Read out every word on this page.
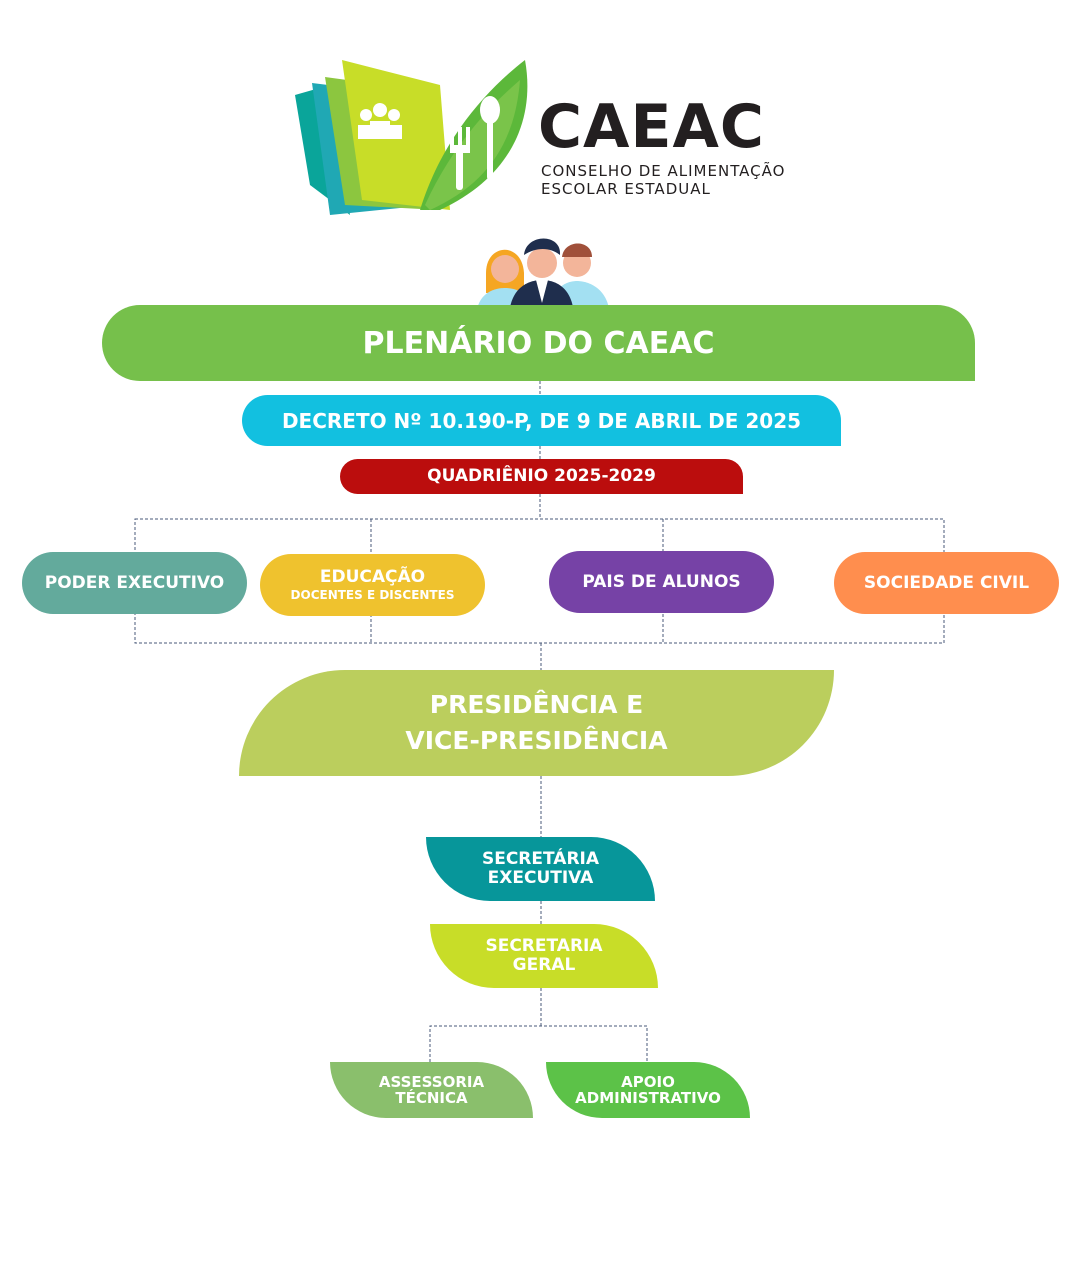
CAEAC
CONSELHO DE ALIMENTAÇÃO
ESCOLAR ESTADUAL
PLENÁRIO DO CAEAC
DECRETO Nº 10.190-P, DE 9 DE ABRIL DE 2025
QUADRIÊNIO 2025-2029
PODER EXECUTIVO	EDUCAÇÃO
DOCENTES E DISCENTES
PAIS DE ALUNOS	SOCIEDADE CIVIL
PRESIDÊNCIA E
VICE-PRESIDÊNCIA
SECRETÁRIA
EXECUTIVA
SECRETARIA
GERAL
ASSESSORIA
TÉCNICA
APOIO
ADMINISTRATIVO
